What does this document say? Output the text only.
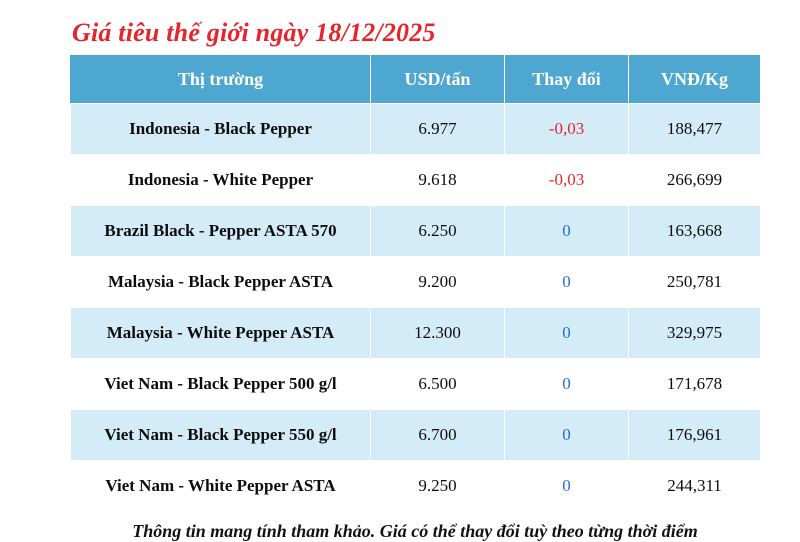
Giá tiêu thế giới ngày 18/12/2025
Thị trường	USD/tấn	Thay đổi	VNĐ/Kg
Indonesia - Black Pepper	6.977	-0,03	188,477
Indonesia - White Pepper	9.618	-0,03	266,699
Brazil Black - Pepper ASTA 570	6.250	0	163,668
Malaysia - Black Pepper ASTA	9.200	0	250,781
Malaysia - White Pepper ASTA	12.300	0	329,975
Viet Nam - Black Pepper 500 g/l	6.500	0	171,678
Viet Nam - Black Pepper 550 g/l	6.700	0	176,961
Viet Nam - White Pepper ASTA	9.250	0	244,311
Thông tin mang tính tham khảo. Giá có thể thay đổi tuỳ theo từng thời điểm
